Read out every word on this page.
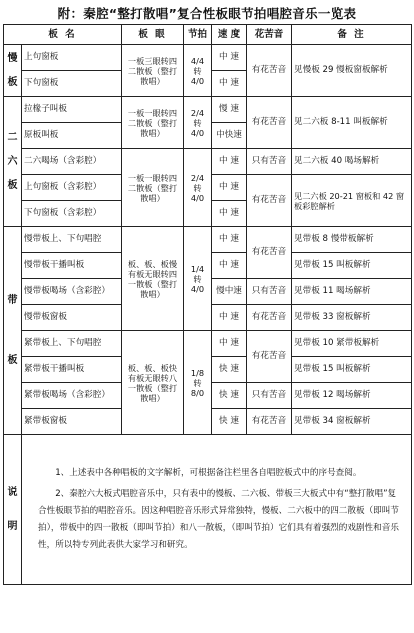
附：秦腔“整打散唱”复合性板眼节拍唱腔音乐一览表
板 名		板 眼	节拍	速 度	花苦音	备 注
慢板	上句窗板	一板三眼转四二散板（整打散唱）	4/4 转 4/0	中 速	有花苦音	见慢板 29 慢板窗板解析
	下句窗板			中 速		
二六板	拉椽子叫板	一板一眼转四二散板（整打散唱）	2/4 转 4/0	慢 速	有花苦音	见二六板 8-11 叫板解析
	原板叫板			中快速		
	二六喝场（含彩腔）	一板一眼转四二散板（整打散唱）	2/4 转 4/0	中 速	只有苦音	见二六板 40 喝场解析
	上句窗板（含彩腔）			中 速	有花苦音	见二六板 20-21 窗板和 42 窗板彩腔解析
	下句窗板（含彩腔）			中 速		
带板	慢带板上、下句唱腔	板、板、板慢有板无眼转四一散板（整打散唱）	1/4 转 4/0	中 速	有花苦音	见带板 8 慢带板解析
	慢带板干播叫板			中 速		见带板 15 叫板解析
	慢带板喝场（含彩腔）			慢中速	只有苦音	见带板 11 喝场解析
	慢带板窗板			中 速	有花苦音	见带板 33 窗板解析
	紧带板上、下句唱腔	板、板、板快有板无眼转八一散板（整打散唱）	1/8 转 8/0	中 速	有花苦音	见带板 10 紧带板解析
	紧带板干播叫板			快 速		见带板 15 叫板解析
	紧带板喝场（含彩腔）			快 速	只有苦音	见带板 12 喝场解析
	紧带板窗板			快 速	有花苦音	见带板 34 窗板解析
说 明	1、上述表中各种唱板的文字解析，可根据备注栏里各自唱腔板式中的序号查阅。
2、秦腔六大板式唱腔音乐中，只有表中的慢板、二六板、带板三大板式中有“整打散唱”复合性板眼节拍的唱腔音乐。因这种唱腔音乐形式异常独特，慢板、二六板中的四二散板（即叫节拍），带板中的四一散板（即叫节拍）和八一散板，（即叫节拍）它们具有着强烈的戏剧性和音乐性，所以特专列此表供大家学习和研究。					
